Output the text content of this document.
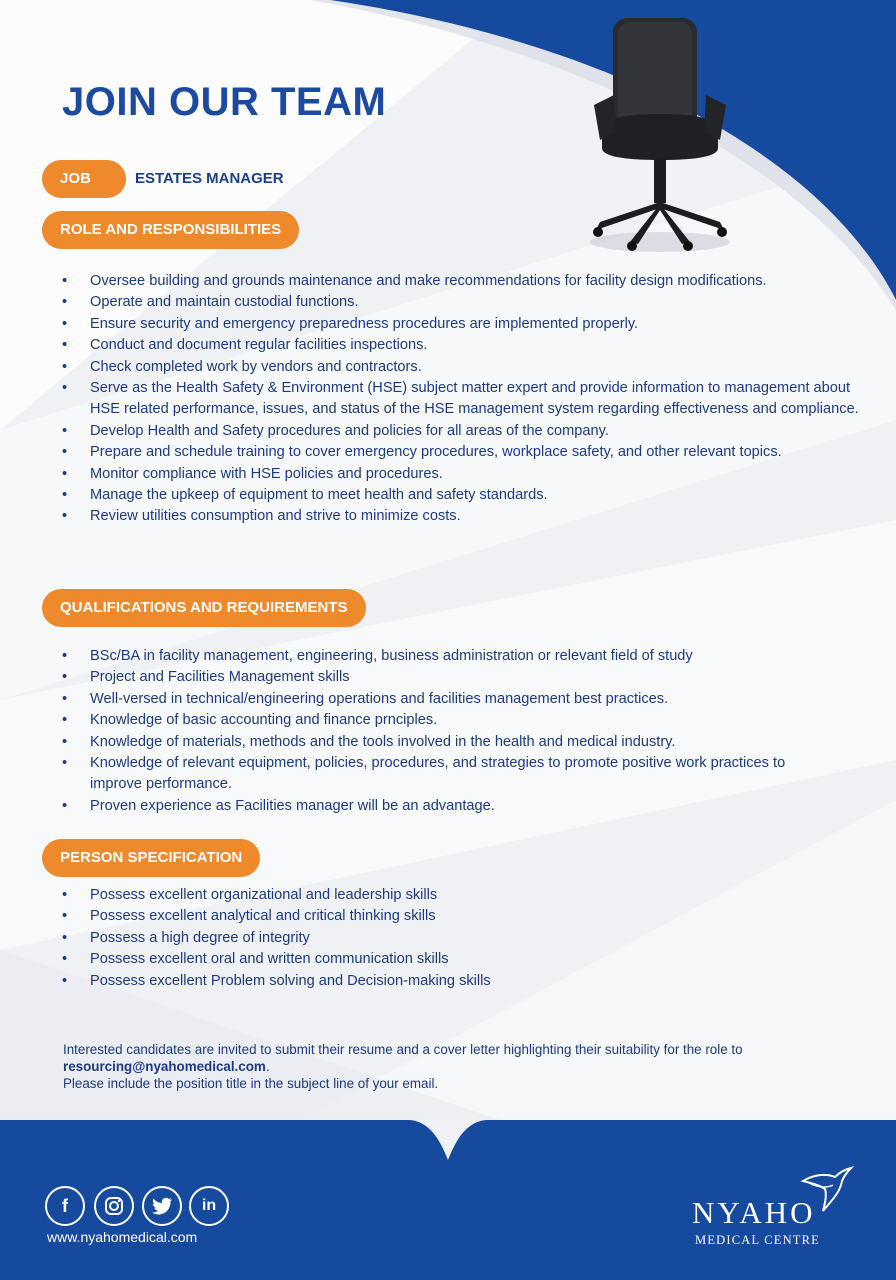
JOIN OUR TEAM
JOB	ESTATES MANAGER
ROLE AND RESPONSIBILITIES
• Oversee building and grounds maintenance and make recommendations for facility design modifications.
• Operate and maintain custodial functions.
• Ensure security and emergency preparedness procedures are implemented properly.
• Conduct and document regular facilities inspections.
• Check completed work by vendors and contractors.
• Serve as the Health Safety & Environment (HSE) subject matter expert and provide information to management about HSE related performance, issues, and status of the HSE management system regarding effectiveness and compliance.
• Develop Health and Safety procedures and policies for all areas of the company.
• Prepare and schedule training to cover emergency procedures, workplace safety, and other relevant topics.
• Monitor compliance with HSE policies and procedures.
• Manage the upkeep of equipment to meet health and safety standards.
• Review utilities consumption and strive to minimize costs.
QUALIFICATIONS AND REQUIREMENTS
• BSc/BA in facility management, engineering, business administration or relevant field of study
• Project and Facilities Management skills
• Well-versed in technical/engineering operations and facilities management best practices.
• Knowledge of basic accounting and finance prnciples.
• Knowledge of materials, methods and the tools involved in the health and medical industry.
• Knowledge of relevant equipment, policies, procedures, and strategies to promote positive work practices to improve performance.
• Proven experience as Facilities manager will be an advantage.
PERSON SPECIFICATION
• Possess excellent organizational and leadership skills
• Possess excellent analytical and critical thinking skills
• Possess a high degree of integrity
• Possess excellent oral and written communication skills
• Possess excellent Problem solving and Decision-making skills
Interested candidates are invited to submit their resume and a cover letter highlighting their suitability for the role to
resourcing@nyahomedical.com.
Please include the position title in the subject line of your email.
f	in
www.nyahomedical.com
NYAHO
MEDICAL CENTRE
